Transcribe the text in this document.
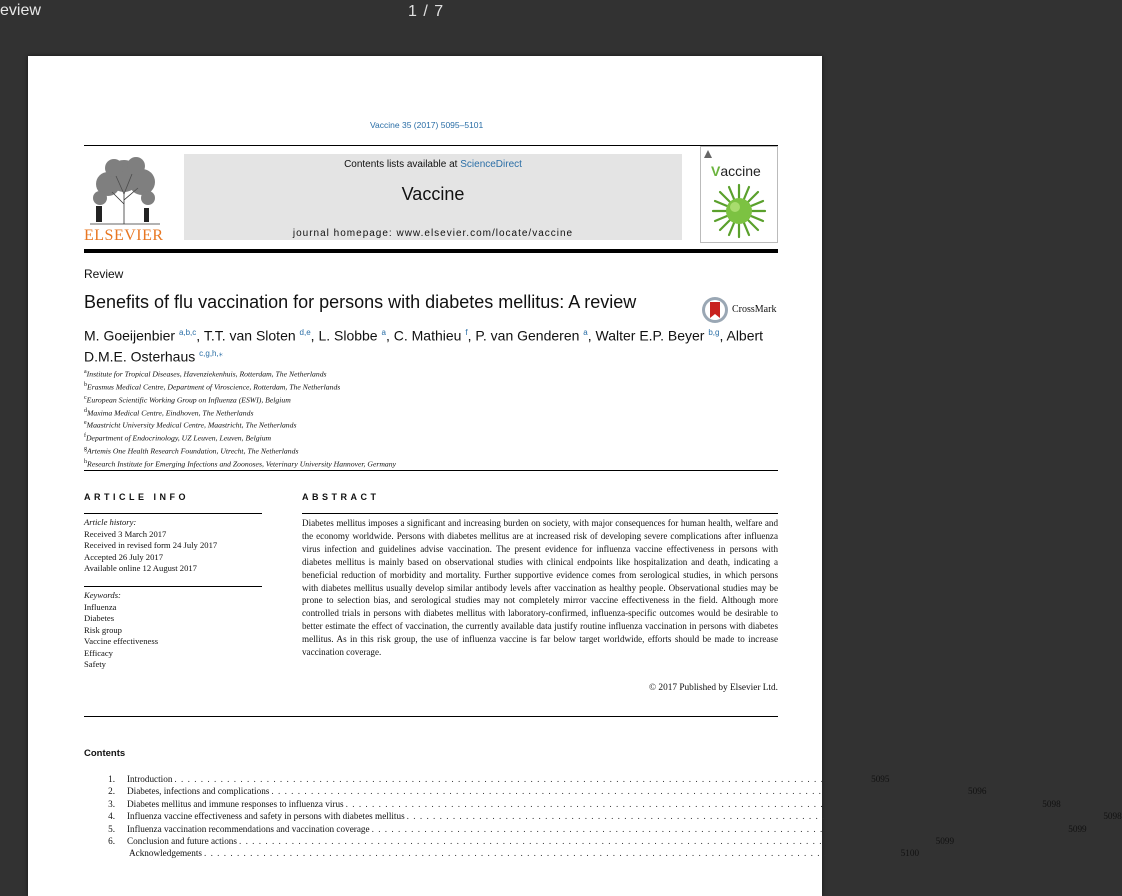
eview	1 / 7
Vaccine 35 (2017) 5095–5101
ELSEVIER
Contents lists available at ScienceDirect
Vaccine
journal homepage: www.elsevier.com/locate/vaccine
Vaccine
Review
Benefits of flu vaccination for persons with diabetes mellitus: A review	CrossMark
M. Goeijenbier $^{a,b,c}$, T.T. van Sloten $^{d,e}$, L. Slobbe $^a$, C. Mathieu $^f$, P. van Genderen $^a$, Walter E.P. Beyer $^{b,g}$, Albert D.M.E. Osterhaus $^{c,g,h,⁎}$
$^a$Institute for Tropical Diseases, Havenziekenhuis, Rotterdam, The Netherlands
$^b$Erasmus Medical Centre, Department of Viroscience, Rotterdam, The Netherlands
$^c$European Scientific Working Group on Influenza (ESWI), Belgium
$^d$Maxima Medical Centre, Eindhoven, The Netherlands
$^e$Maastricht University Medical Centre, Maastricht, The Netherlands
$^f$Department of Endocrinology, UZ Leuven, Leuven, Belgium
$^g$Artemis One Health Research Foundation, Utrecht, The Netherlands
$^h$Research Institute for Emerging Infections and Zoonoses, Veterinary University Hannover, Germany
ARTICLE INFO	ABSTRACT
Article history:
Received 3 March 2017
Received in revised form 24 July 2017
Accepted 26 July 2017
Available online 12 August 2017
Keywords:
Influenza
Diabetes
Risk group
Vaccine effectiveness
Efficacy
Safety
Diabetes mellitus imposes a significant and increasing burden on society, with major consequences for human health, welfare and the economy worldwide. Persons with diabetes mellitus are at increased risk of developing severe complications after influenza virus infection and guidelines advise vaccination. The present evidence for influenza vaccine effectiveness in persons with diabetes mellitus is mainly based on observational studies with clinical endpoints like hospitalization and death, indicating a beneficial reduction of morbidity and mortality. Further supportive evidence comes from serological studies, in which persons with diabetes mellitus usually develop similar antibody levels after vaccination as healthy people. Observational studies may be prone to selection bias, and serological studies may not completely mirror vaccine effectiveness in the field. Although more controlled trials in persons with diabetes mellitus with laboratory-confirmed, influenza-specific outcomes would be desirable to better estimate the effect of vaccination, the currently available data justify routine influenza vaccination in persons with diabetes mellitus. As in this risk group, the use of influenza vaccine is far below target worldwide, efforts should be made to increase vaccination coverage.
© 2017 Published by Elsevier Ltd.
Contents
1. Introduction . . . . . . . . . . . . . . . . . . . . . . . . . . . . . . . . . . . . . . . . . . . . . . . . . . . . . . . . . . . . . . . . . . . . . . . . . . . . . . . . . . . . . . . . . . . . . . . . . . . . . . . . . 5095
2. Diabetes, infections and complications . . . . . . . . . . . . . . . . . . . . . . . . . . . . . . . . . . . . . . . . . . . . . . . . . . . . . . . . . . . . . . . . . . . . . . . . . . . . . . . . . . . . . . . . . . . . . . . . . . . . . . . . . 5096
3. Diabetes mellitus and immune responses to influenza virus . . . . . . . . . . . . . . . . . . . . . . . . . . . . . . . . . . . . . . . . . . . . . . . . . . . . . . . . . . . . . . . . . . . . . . . . . . . . . . . . . . . . . . . . . . . . . . . . . . . . . . . . . 5098
4. Influenza vaccine effectiveness and safety in persons with diabetes mellitus . . . . . . . . . . . . . . . . . . . . . . . . . . . . . . . . . . . . . . . . . . . . . . . . . . . . . . . . . . . . . . . . . . . . . . . . . . . . . . . . . . . . . . . . . . . . . . . . . . . . . . . . . 5098
5. Influenza vaccination recommendations and vaccination coverage . . . . . . . . . . . . . . . . . . . . . . . . . . . . . . . . . . . . . . . . . . . . . . . . . . . . . . . . . . . . . . . . . . . . . . . . . . . . . . . . . . . . . . . . . . . . . . . . . . . . . . . . . 5099
6. Conclusion and future actions . . . . . . . . . . . . . . . . . . . . . . . . . . . . . . . . . . . . . . . . . . . . . . . . . . . . . . . . . . . . . . . . . . . . . . . . . . . . . . . . . . . . . . . . . . . . . . . . . . . . . . . . . 5099
Acknowledgements . . . . . . . . . . . . . . . . . . . . . . . . . . . . . . . . . . . . . . . . . . . . . . . . . . . . . . . . . . . . . . . . . . . . . . . . . . . . . . . . . . . . . . . . . . . . . . . . . . . . . . . . . 5100
